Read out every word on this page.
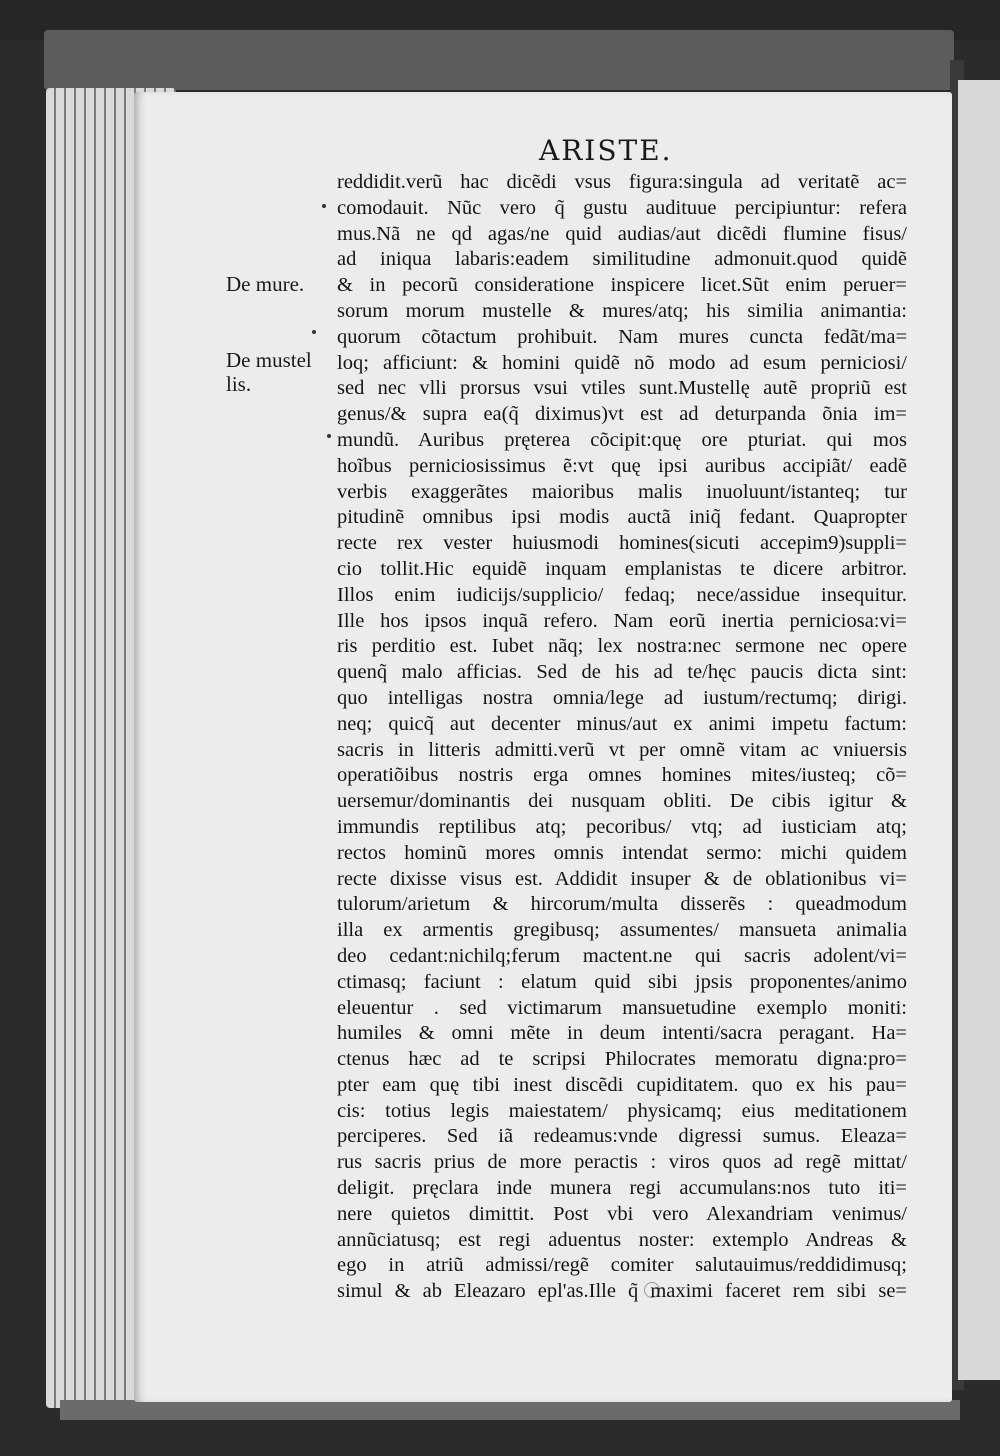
ARISTE.
De mure.
De mustel
lis.
reddidit.verũ hac dicẽdi vsus figura:singula ad veritatẽ ac=
comodauit. Nũc vero q̃ gustu audituue percipiuntur: refera
mus.Nã ne qd agas/ne quid audias/aut dicẽdi flumine fisus/
ad iniqua labaris:eadem similitudine admonuit.quod quidẽ
& in pecorũ consideratione inspicere licet.Sũt enim peruer=
sorum morum mustelle & mures/atq; his similia animantia:
quorum cõtactum prohibuit. Nam mures cuncta fedãt/ma=
loq; afficiunt: & homini quidẽ nõ modo ad esum perniciosi/
sed nec vlli prorsus vsui vtiles sunt.Mustellę autẽ propriũ est
genus/& supra ea(q̃ diximus)vt est ad deturpanda õnia im=
mundũ. Auribus pręterea cõcipit:quę ore pturiat. qui mos
hoĩbus perniciosissimus ẽ:vt quę ipsi auribus accipiãt/ eadẽ
verbis exaggerãtes maioribus malis inuoluunt/istanteq; tur
pitudinẽ omnibus ipsi modis auctã iniq̃ fedant. Quapropter
recte rex vester huiusmodi homines(sicuti accepim9)suppli=
cio tollit.Hic equidẽ inquam emplanistas te dicere arbitror.
Illos enim iudicijs/supplicio/ fedaq; nece/assidue insequitur.
Ille hos ipsos inquã refero. Nam eorũ inertia perniciosa:vi=
ris perditio est. Iubet nãq; lex nostra:nec sermone nec opere
quenq̃ malo afficias. Sed de his ad te/hęc paucis dicta sint:
quo intelligas nostra omnia/lege ad iustum/rectumq; dirigi.
neq; quicq̃ aut decenter minus/aut ex animi impetu factum:
sacris in litteris admitti.verũ vt per omnẽ vitam ac vniuersis
operatiõibus nostris erga omnes homines mites/iusteq; cõ=
uersemur/dominantis dei nusquam obliti. De cibis igitur &
immundis reptilibus atq; pecoribus/ vtq; ad iusticiam atq;
rectos hominũ mores omnis intendat sermo: michi quidem
recte dixisse visus est. Addidit insuper & de oblationibus vi=
tulorum/arietum & hircorum/multa disserẽs : queadmodum
illa ex armentis gregibusq; assumentes/ mansueta animalia
deo cedant:nichilq;ferum mactent.ne qui sacris adolent/vi=
ctimasq; faciunt : elatum quid sibi jpsis proponentes/animo
eleuentur . sed victimarum mansuetudine exemplo moniti:
humiles & omni mẽte in deum intenti/sacra peragant. Ha=
ctenus hæc ad te scripsi Philocrates memoratu digna:pro=
pter eam quę tibi inest discẽdi cupiditatem. quo ex his pau=
cis: totius legis maiestatem/ physicamq; eius meditationem
perciperes. Sed iã redeamus:vnde digressi sumus. Eleaza=
rus sacris prius de more peractis : viros quos ad regẽ mittat/
deligit. pręclara inde munera regi accumulans:nos tuto iti=
nere quietos dimittit. Post vbi vero Alexandriam venimus/
annũciatusq; est regi aduentus noster: extemplo Andreas &
ego in atriũ admissi/regẽ comiter salutauimus/reddidimusq;
simul & ab Eleazaro epl'as.Ille q̃ maximi faceret rem sibi se=
